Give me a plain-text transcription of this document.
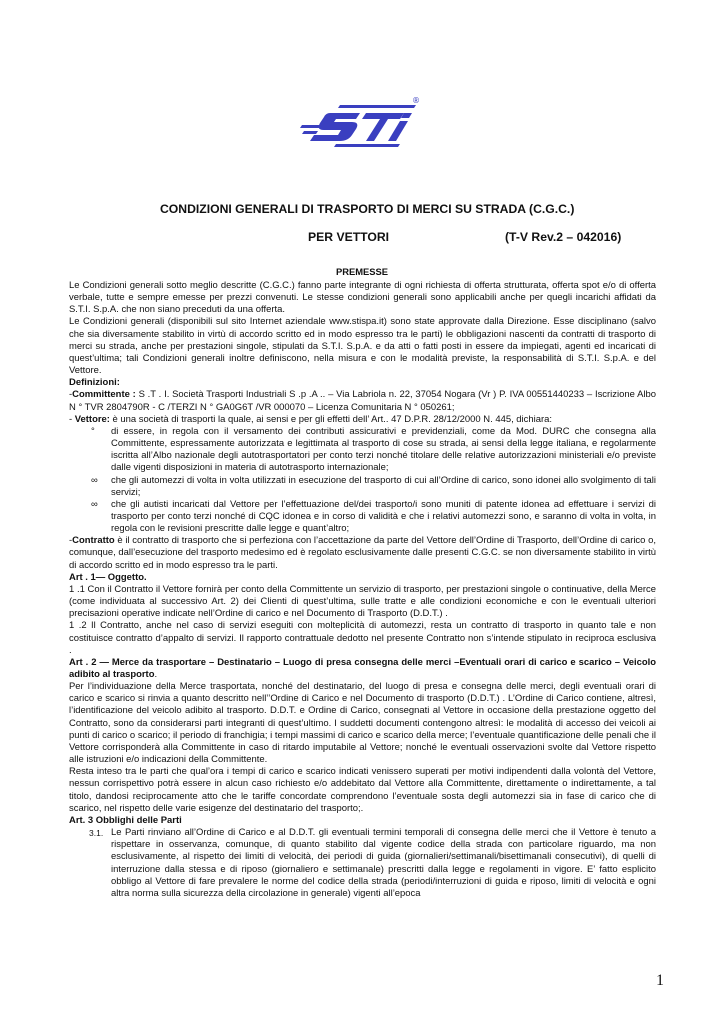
®
CONDIZIONI GENERALI DI TRASPORTO DI MERCI SU STRADA (C.G.C.)
PER VETTORI	(T-V Rev.2 – 042016)
PREMESSE

Le Condizioni generali sotto meglio descritte (C.G.C.) fanno parte integrante di ogni richiesta di offerta strutturata, offerta spot e/o di offerta verbale, tutte e sempre emesse per prezzi convenuti. Le stesse condizioni generali sono applicabili anche per quegli incarichi affidati da S.T.I. S.p.A. che non siano preceduti da una offerta.

Le Condizioni generali (disponibili sul sito Internet aziendale www.stispa.it) sono state approvate dalla Direzione. Esse disciplinano (salvo che sia diversamente stabilito in virtù di accordo scritto ed in modo espresso tra le parti) le obbligazioni nascenti da contratti di trasporto di merci su strada, anche per prestazioni singole, stipulati da S.T.I. S.p.A. e da atti o fatti posti in essere da impiegati, agenti ed incaricati di quest’ultima; tali Condizioni generali inoltre definiscono, nella misura e con le modalità previste, la responsabilità di S.T.I. S.p.A. e del Vettore.

Definizioni:

-Committente : S .T . I. Società Trasporti Industriali S .p .A .. – Via Labriola n. 22, 37054 Nogara (Vr ) P. IVA 00551440233 – Iscrizione Albo N ° TVR 2804790R - C /TERZI N ° GA0G6T /VR 000070 – Licenza Comunitaria N ° 050261;

- Vettore: è una società di trasporti la quale, ai sensi e per gli effetti dell’ Art.. 47 D.P.R. 28/12/2000 N. 445, dichiara:

° di essere, in regola con il versamento dei contributi assicurativi e previdenziali, come da Mod. DURC che consegna alla Committente, espressamente autorizzata e legittimata al trasporto di cose su strada, ai sensi della legge italiana, e regolarmente iscritta all’Albo nazionale degli autotrasportatori per conto terzi nonché titolare delle relative autorizzazioni ministeriali e/o previste dalle vigenti disposizioni in materia di autotrasporto internazionale;

∞ che gli automezzi di volta in volta utilizzati in esecuzione del trasporto di cui all’Ordine di carico, sono idonei allo svolgimento di tali servizi;

∞ che gli autisti incaricati dal Vettore per l’effettuazione del/dei trasporto/i sono muniti di patente idonea ad effettuare i servizi di trasporto per conto terzi nonché di CQC idonea e in corso di validità e che i relativi automezzi sono, e saranno di volta in volta, in regola con le revisioni prescritte dalle legge e quant’altro;

-Contratto è il contratto di trasporto che si perfeziona con l’accettazione da parte del Vettore dell’Ordine di Trasporto, dell’Ordine di carico o, comunque, dall’esecuzione del trasporto medesimo ed è regolato esclusivamente dalle presenti C.G.C. se non diversamente stabilito in virtù di accordo scritto ed in modo espresso tra le parti.

Art . 1— Oggetto.

1 .1 Con il Contratto il Vettore fornirà per conto della Committente un servizio di trasporto, per prestazioni singole o continuative, della Merce (come individuata al successivo Art. 2) dei Clienti di quest’ultima, sulle tratte e alle condizioni economiche e con le eventuali ulteriori precisazioni operative indicate nell’Ordine di carico e nel Documento di Trasporto (D.D.T.) .

1 .2 Il Contratto, anche nel caso di servizi eseguiti con molteplicità di automezzi, resta un contratto di trasporto in quanto tale e non costituisce contratto d’appalto di servizi. Il rapporto contrattuale dedotto nel presente Contratto non s’intende stipulato in reciproca esclusiva .

Art . 2 — Merce da trasportare – Destinatario – Luogo di presa consegna delle merci –Eventuali orari di carico e scarico – Veicolo adibito al trasporto.

Per l’individuazione della Merce trasportata, nonché del destinatario, del luogo di presa e consegna delle merci, degli eventuali orari di carico e scarico si rinvia a quanto descritto nell’’Ordine di Carico e nel Documento di trasporto (D.D.T.) . L’Ordine di Carico contiene, altresì, l’identificazione del veicolo adibito al trasporto. D.D.T. e Ordine di Carico, consegnati al Vettore in occasione della prestazione oggetto del Contratto, sono da considerarsi parti integranti di quest’ultimo. I suddetti documenti contengono altresì: le modalità di accesso dei veicoli ai punti di carico o scarico; il periodo di franchigia; i tempi massimi di carico e scarico della merce; l’eventuale quantificazione delle penali che il Vettore corrisponderà alla Committente in caso di ritardo imputabile al Vettore; nonché le eventuali osservazioni svolte dal Vettore rispetto alle istruzioni e/o indicazioni della Committente.

Resta inteso tra le parti che qual’ora i tempi di carico e scarico indicati venissero superati per motivi indipendenti dalla volontà del Vettore, nessun corrispettivo potrà essere in alcun caso richiesto e/o addebitato dal Vettore alla Committente, direttamente o indirettamente, a tal titolo, dandosi reciprocamente atto che le tariffe concordate comprendono l’eventuale sosta degli automezzi sia in fase di carico che di scarico, nel rispetto delle varie esigenze del destinatario del trasporto;.

Art. 3 Obblighi delle Parti

3.1. Le Parti rinviano all’Ordine di Carico e al D.D.T. gli eventuali termini temporali di consegna delle merci che il Vettore è tenuto a rispettare in osservanza, comunque, di quanto stabilito dal vigente codice della strada con particolare riguardo, ma non esclusivamente, al rispetto dei limiti di velocità, dei periodi di guida (giornalieri/settimanali/bisettimanali consecutivi), di quelli di interruzione dalla stessa e di riposo (giornaliero e settimanale) prescritti dalla legge e regolamenti in vigore. E’ fatto esplicito obbligo al Vettore di fare prevalere le norme del codice della strada (periodi/interruzioni di guida e riposo, limiti di velocità e ogni altra norma sulla sicurezza della circolazione in generale) vigenti all’epoca

1
